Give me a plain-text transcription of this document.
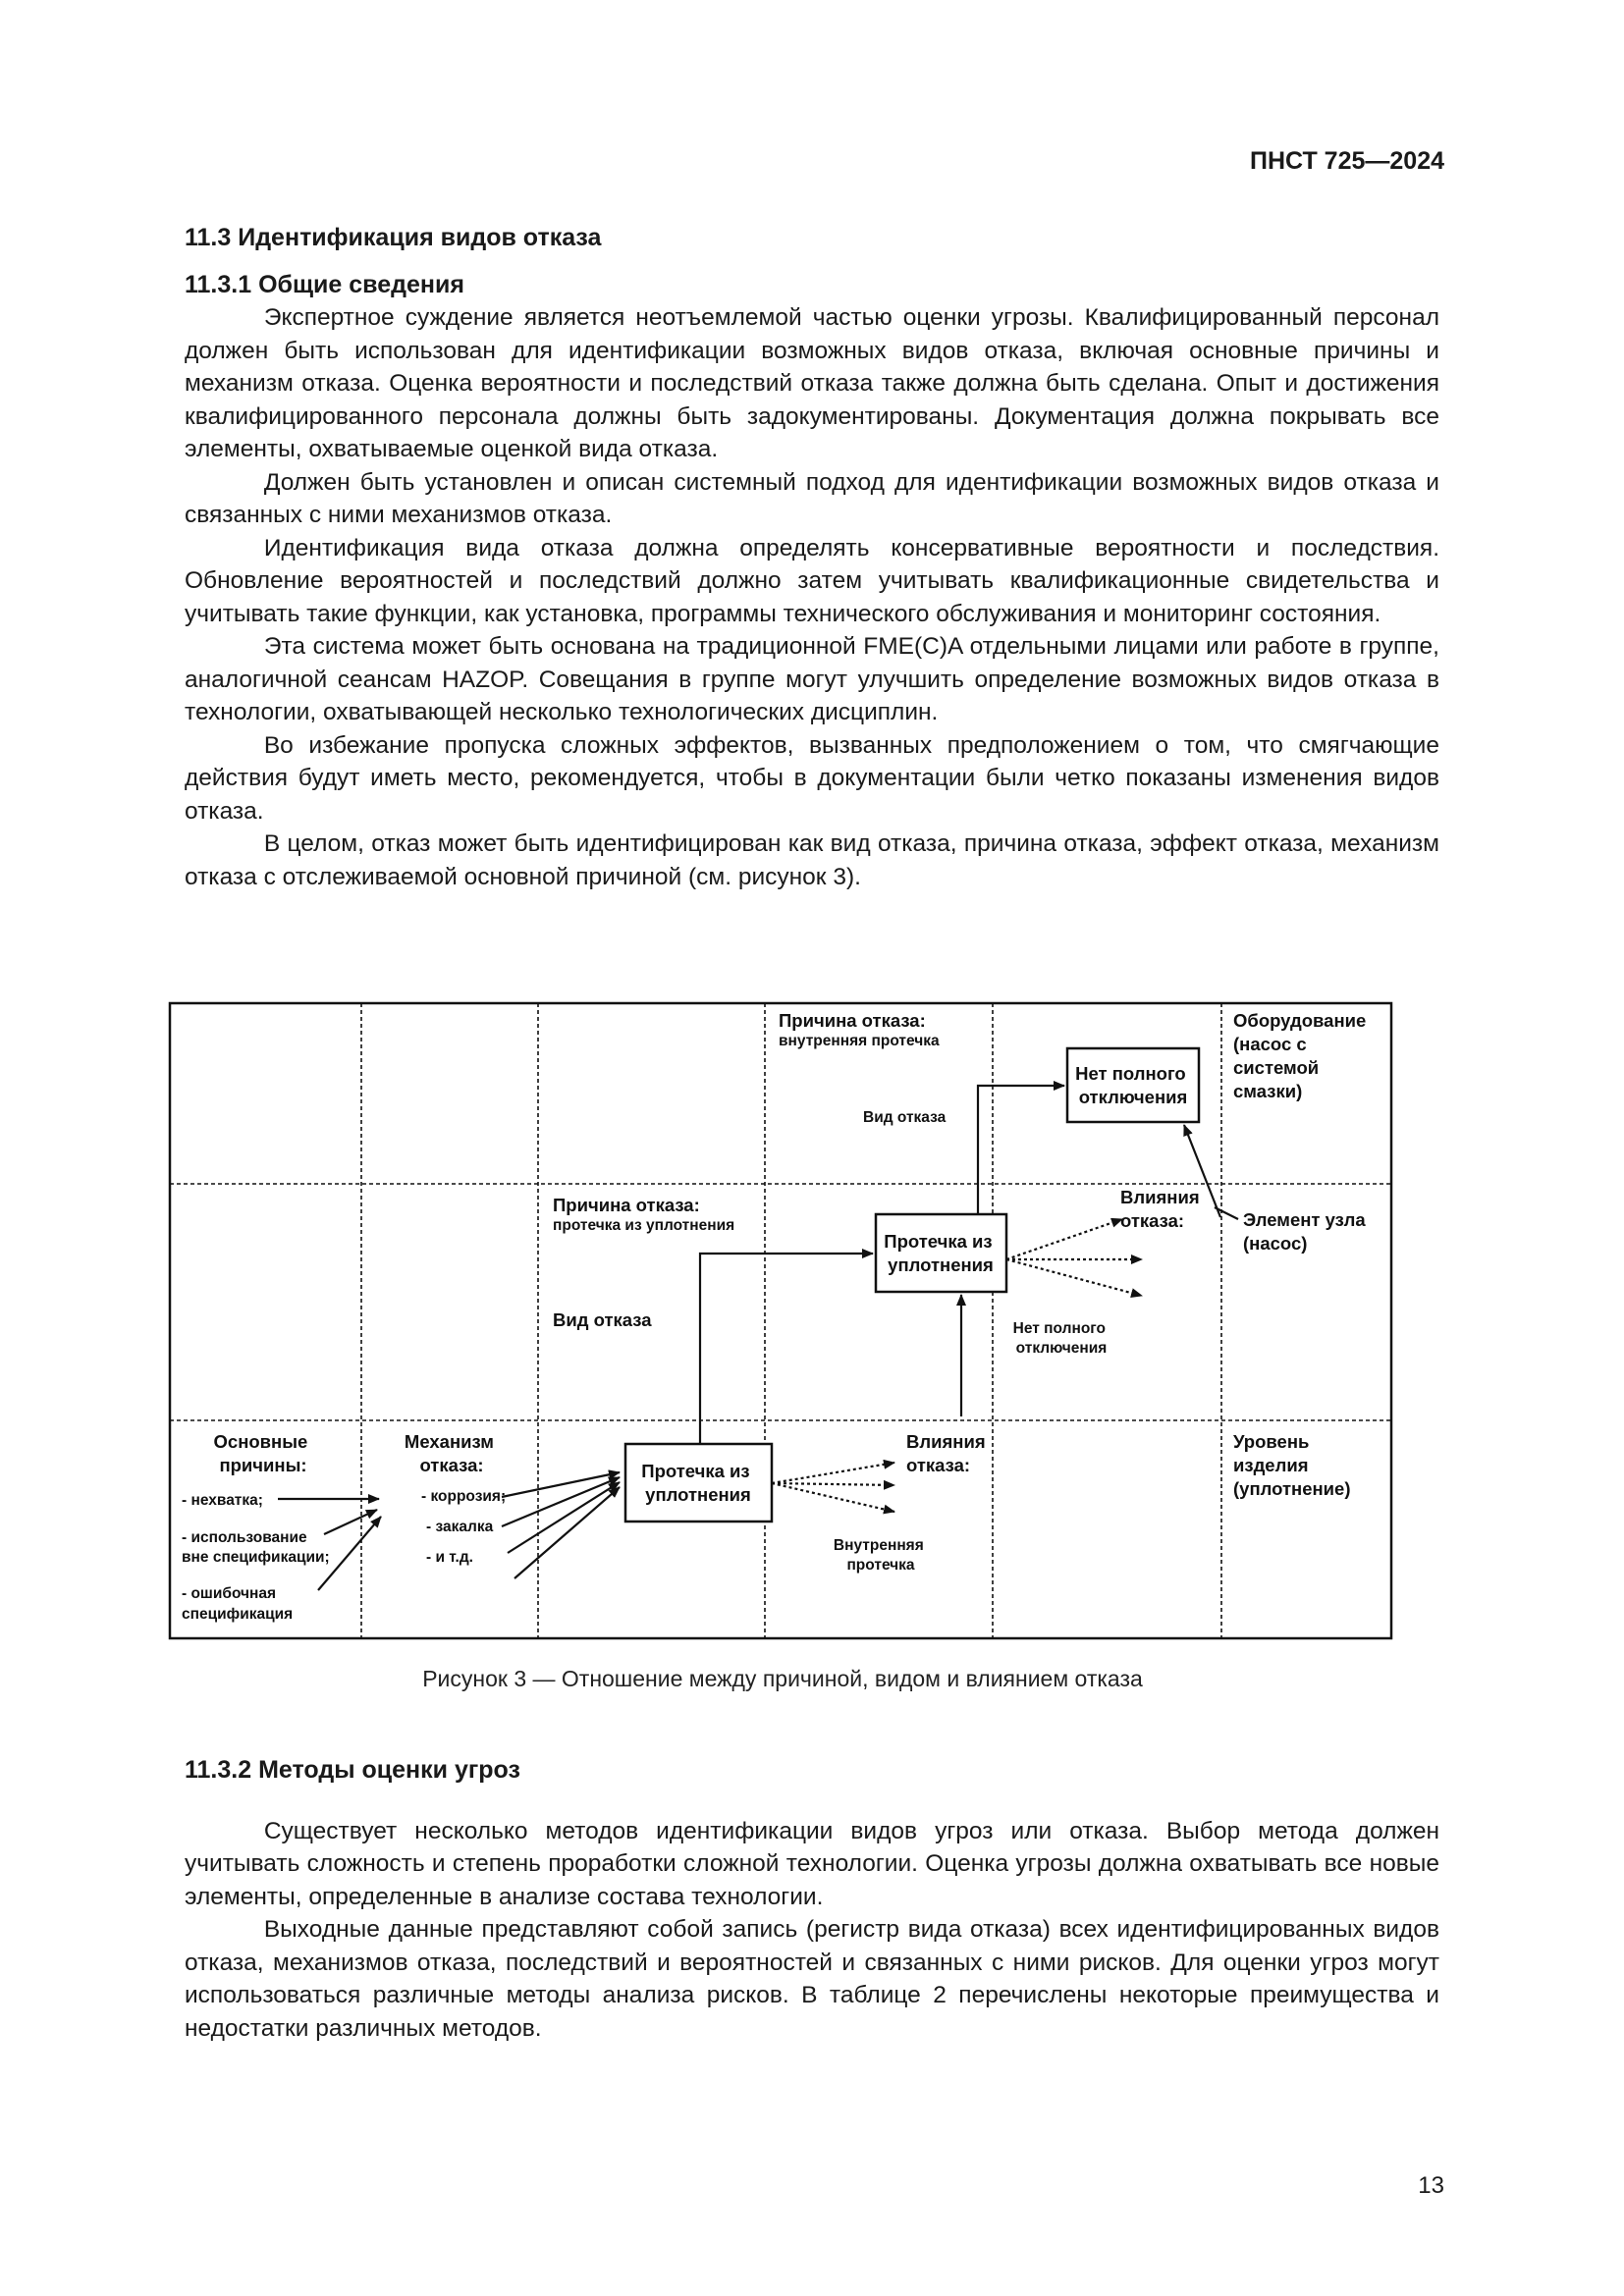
ПНСТ 725—2024
11.3 Идентификация видов отказа
11.3.1 Общие сведения

Экспертное суждение является неотъемлемой частью оценки угрозы. Квалифицированный персонал должен быть использован для идентификации возможных видов отказа, включая основные причины и механизм отказа. Оценка вероятности и последствий отказа также должна быть сделана. Опыт и достижения квалифицированного персонала должны быть задокументированы. Документация должна покрывать все элементы, охватываемые оценкой вида отказа.

Должен быть установлен и описан системный подход для идентификации возможных видов отказа и связанных с ними механизмов отказа.

Идентификация вида отказа должна определять консервативные вероятности и последствия. Обновление вероятностей и последствий должно затем учитывать квалификационные свидетельства и учитывать такие функции, как установка, программы технического обслуживания и мониторинг состояния.

Эта система может быть основана на традиционной FME(C)A отдельными лицами или работе в группе, аналогичной сеансам HAZOP. Совещания в группе могут улучшить определение возможных видов отказа в технологии, охватывающей несколько технологических дисциплин.

Во избежание пропуска сложных эффектов, вызванных предположением о том, что смягчающие действия будут иметь место, рекомендуется, чтобы в документации были четко показаны изменения видов отказа.

В целом, отказ может быть идентифицирован как вид отказа, причина отказа, эффект отказа, механизм отказа с отслеживаемой основной причиной (см. рисунок 3).

Оборудование (насос с системой смазки)
Элемент узла (насос)
Уровень изделия (уплотнение)
Причина отказа:
внутренняя протечка
Вид отказа
Нет полного отключения
Причина отказа:
протечка из уплотнения
Вид отказа
Протечка из уплотнения
Влияния отказа:
Нет полного отключения
Основные причины:
- нехватка; - использование вне спецификации; - ошибочная спецификация
Механизм отказа:
- коррозия; - закалка - и т.д.
Протечка из уплотнения
Влияния отказа:
Внутренняя протечка
Рисунок 3 — Отношение между причиной, видом и влиянием отказа
11.3.2 Методы оценки угроз

Существует несколько методов идентификации видов угроз или отказа. Выбор метода должен учитывать сложность и степень проработки сложной технологии. Оценка угрозы должна охватывать все новые элементы, определенные в анализе состава технологии.

Выходные данные представляют собой запись (регистр вида отказа) всех идентифицированных видов отказа, механизмов отказа, последствий и вероятностей и связанных с ними рисков. Для оценки угроз могут использоваться различные методы анализа рисков. В таблице 2 перечислены некоторые преимущества и недостатки различных методов.

13
